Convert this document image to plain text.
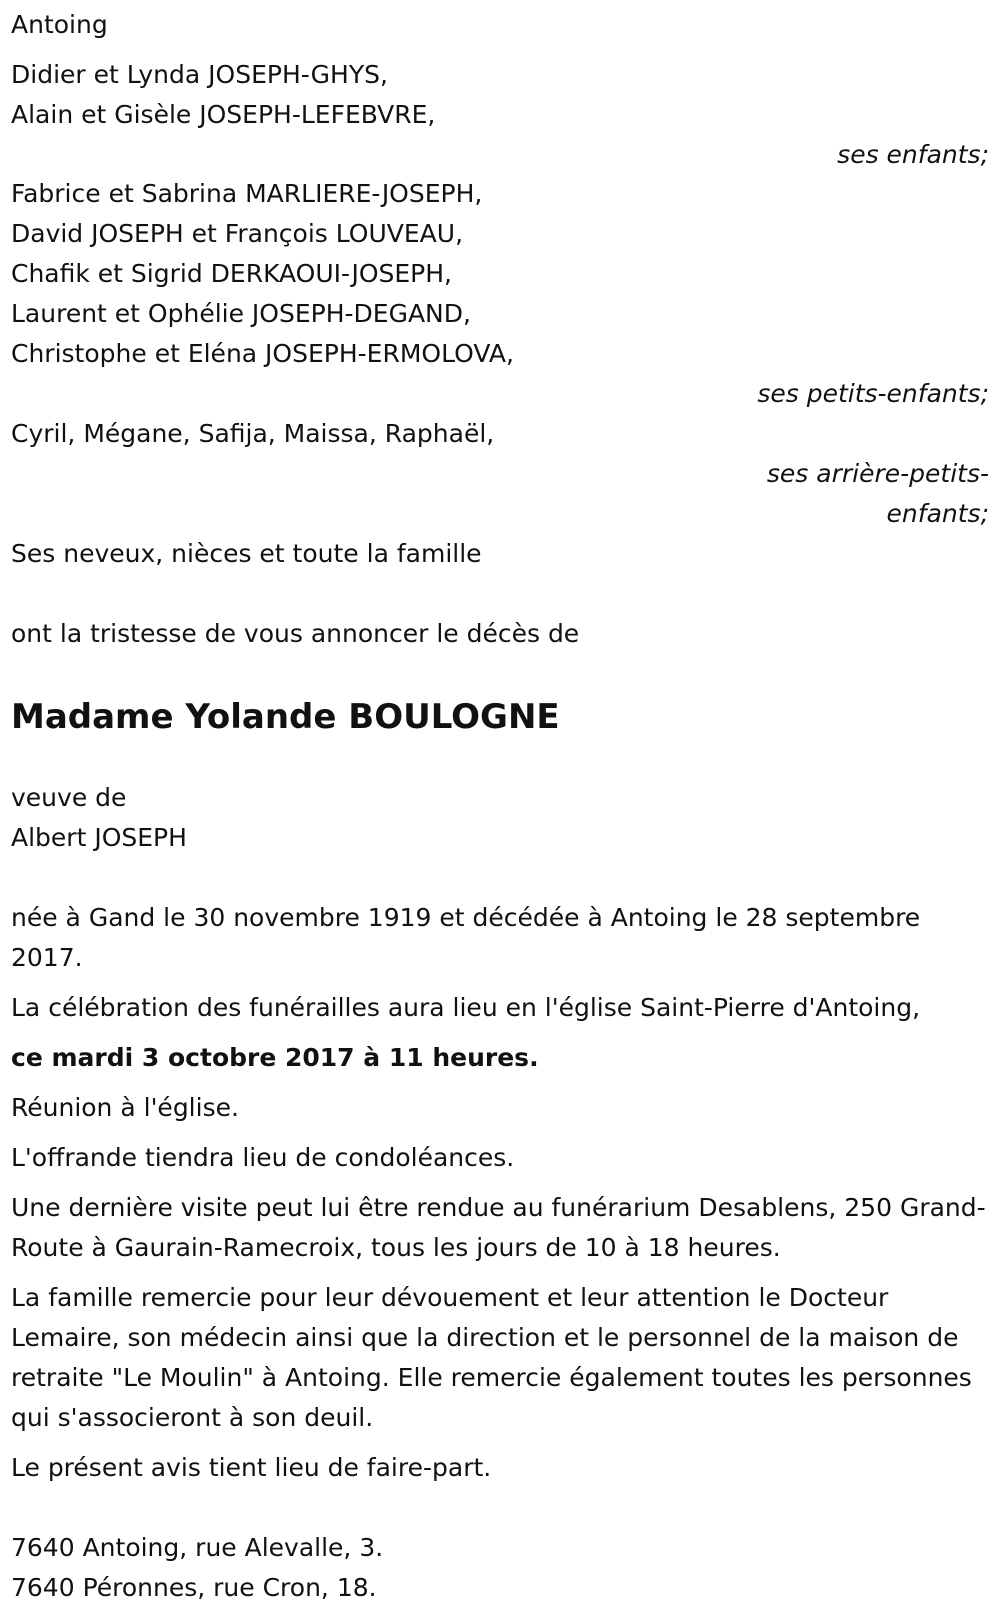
Antoing

Didier et Lynda JOSEPH-GHYS,

Alain et Gisèle JOSEPH-LEFEBVRE,

ses enfants;

Fabrice et Sabrina MARLIERE-JOSEPH,

David JOSEPH et François LOUVEAU,

Chafik et Sigrid DERKAOUI-JOSEPH,

Laurent et Ophélie JOSEPH-DEGAND,

Christophe et Eléna JOSEPH-ERMOLOVA,

ses petits-enfants;

Cyril, Mégane, Safija, Maissa, Raphaël,

ses arrière-petits-

enfants;

Ses neveux, nièces et toute la famille

ont la tristesse de vous annoncer le décès de

Madame Yolande BOULOGNE

veuve de

Albert JOSEPH

née à Gand le 30 novembre 1919 et décédée à Antoing le 28 septembre 2017.

La célébration des funérailles aura lieu en l'église Saint-Pierre d'Antoing,

ce mardi 3 octobre 2017 à 11 heures.

Réunion à l'église.

L'offrande tiendra lieu de condoléances.

Une dernière visite peut lui être rendue au funérarium Desablens, 250 Grand-Route à Gaurain-Ramecroix, tous les jours de 10 à 18 heures.

La famille remercie pour leur dévouement et leur attention le Docteur Lemaire, son médecin ainsi que la direction et le personnel de la maison de retraite "Le Moulin" à Antoing. Elle remercie également toutes les personnes qui s'associeront à son deuil.

Le présent avis tient lieu de faire-part.

7640 Antoing, rue Alevalle, 3.

7640 Péronnes, rue Cron, 18.
